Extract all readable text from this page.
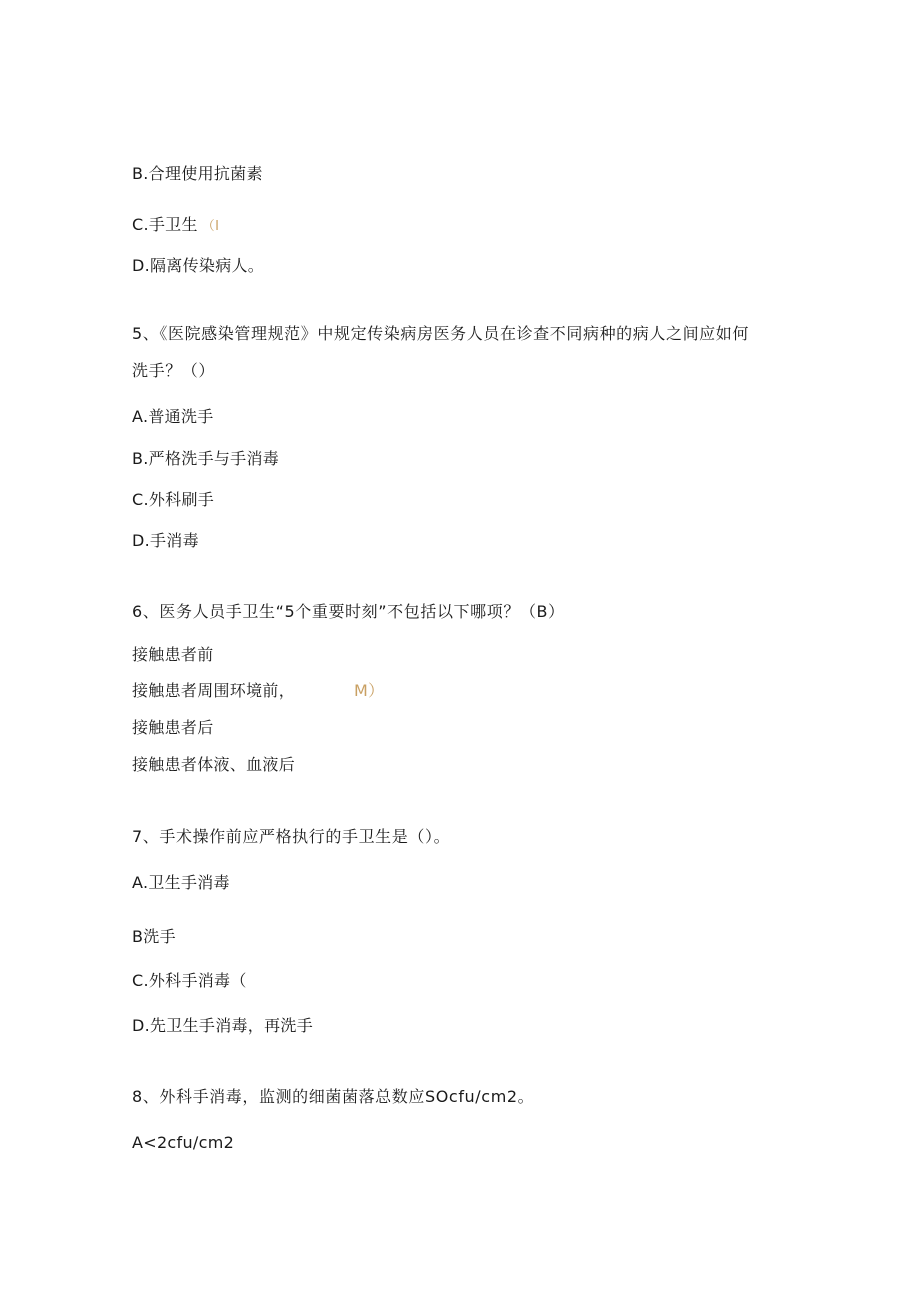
B.合理使用抗菌素
C.手卫生 （I
D.隔离传染病人。
5、《医院感染管理规范》中规定传染病房医务人员在诊查不同病种的病人之间应如何
洗手？（）
A.普通洗手
B.严格洗手与手消毒
C.外科刷手
D.手消毒
6、医务人员手卫生“5个重要时刻”不包括以下哪项？（B）
接触患者前
接触患者周围环境前，	M）
接触患者后
接触患者体液、血液后
7、手术操作前应严格执行的手卫生是（）。
A.卫生手消毒
B洗手
C.外科手消毒（
D.先卫生手消毒，再洗手
8、外科手消毒，监测的细菌菌落总数应SOcfu∕cm2。
A<2cfu∕cm2
